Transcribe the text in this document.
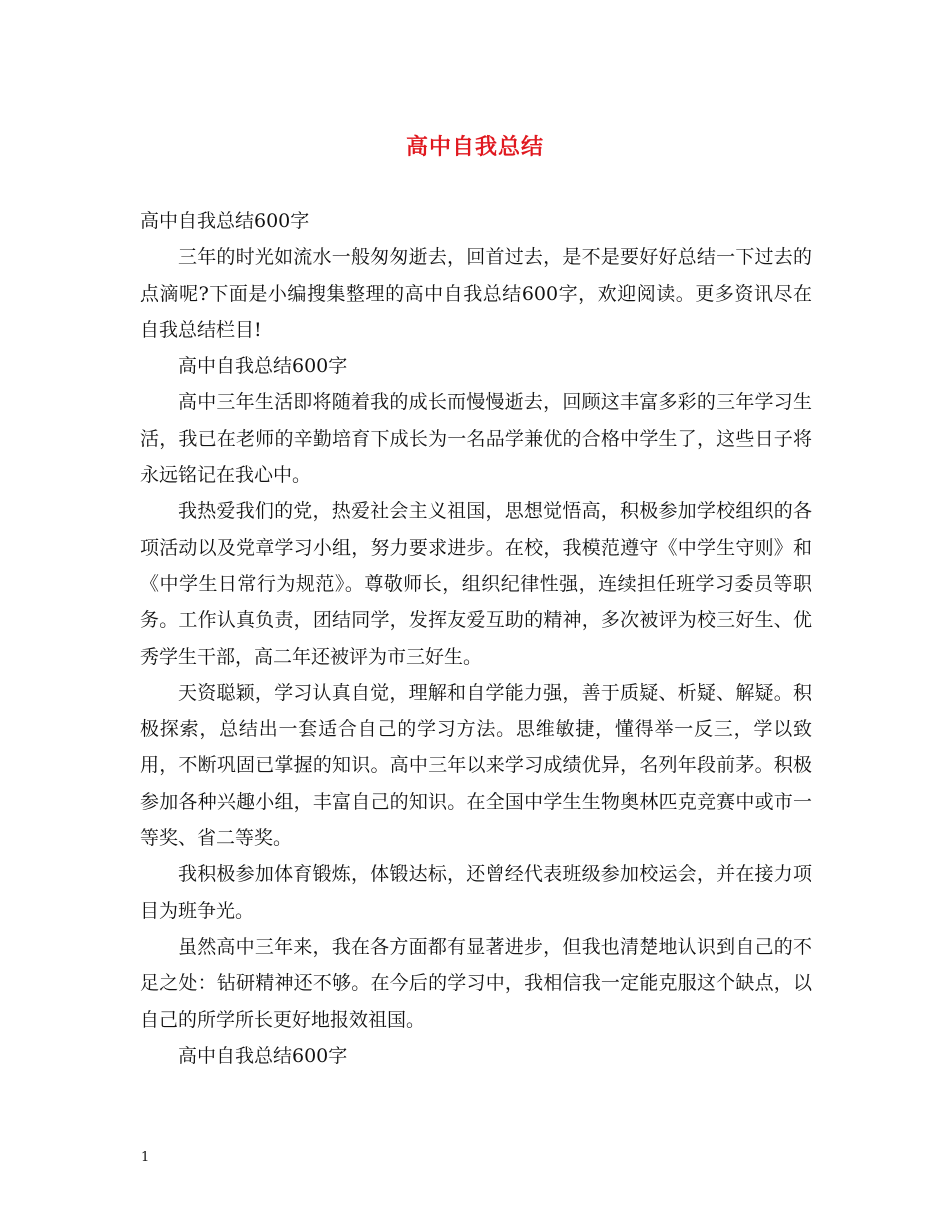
高中自我总结

高中自我总结600字

三年的时光如流水一般匆匆逝去，回首过去，是不是要好好总结一下过去的点滴呢?下面是小编搜集整理的高中自我总结600字，欢迎阅读。更多资讯尽在自我总结栏目!

高中自我总结600字

高中三年生活即将随着我的成长而慢慢逝去，回顾这丰富多彩的三年学习生活，我已在老师的辛勤培育下成长为一名品学兼优的合格中学生了，这些日子将永远铭记在我心中。

我热爱我们的党，热爱社会主义祖国，思想觉悟高，积极参加学校组织的各项活动以及党章学习小组，努力要求进步。在校，我模范遵守《中学生守则》和《中学生日常行为规范》。尊敬师长，组织纪律性强，连续担任班学习委员等职务。工作认真负责，团结同学，发挥友爱互助的精神，多次被评为校三好生、优秀学生干部，高二年还被评为市三好生。

天资聪颖，学习认真自觉，理解和自学能力强，善于质疑、析疑、解疑。积极探索，总结出一套适合自己的学习方法。思维敏捷，懂得举一反三，学以致用，不断巩固已掌握的知识。高中三年以来学习成绩优异，名列年段前茅。积极参加各种兴趣小组，丰富自己的知识。在全国中学生生物奥林匹克竞赛中或市一等奖、省二等奖。

我积极参加体育锻炼，体锻达标，还曾经代表班级参加校运会，并在接力项目为班争光。

虽然高中三年来，我在各方面都有显著进步，但我也清楚地认识到自己的不足之处：钻研精神还不够。在今后的学习中，我相信我一定能克服这个缺点，以自己的所学所长更好地报效祖国。

高中自我总结600字

1
